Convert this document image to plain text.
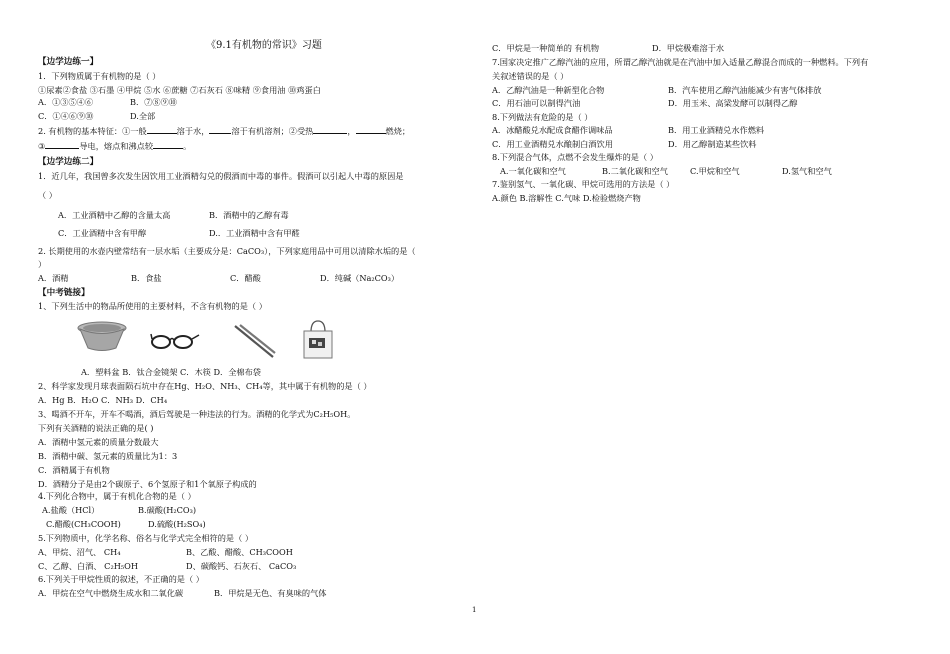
《9.1有机物的常识》习题
【边学边练一】
1．下列物质属于有机物的是（ ）
①尿素②食盐 ③石墨 ④甲烷 ⑤水 ⑥蔗糖 ⑦石灰石 ⑧味精 ⑨食用油 ⑩鸡蛋白
A．①③⑤④⑥	B．⑦⑧⑨⑩
C．①④⑥⑨⑩	D.全部
2. 有机物的基本特征：①一般	溶于水，	溶于有机溶剂；②受热	，	燃烧；
③	导电，熔点和沸点较	。
【边学边练二】
1．近几年，我国曾多次发生因饮用工业酒精勾兑的假酒而中毒的事件。假酒可以引起人中毒的原因是
（ ）
A．工业酒精中乙醇的含量太高	B．酒精中的乙醇有毒
C．工业酒精中含有甲醇	D.．工业酒精中含有甲醛
2. 长期使用的水壶内壁常结有一层水垢（主要成分是：CaCO₃），下列家庭用品中可用以清除水垢的是（
）
A．酒精	B．食盐	C．醋酸	D．纯碱（Na₂CO₃）
【中考链接】
1、下列生活中的物品所使用的主要材料，不含有机物的是（ ）
A．塑料盆 B．钛合金镜架 C．木筷 D．全棉布袋
2、科学家发现月球表面陨石坑中存在Hg、H₂O、NH₃、CH₄等，其中属于有机物的是（ ）
A．Hg B．H₂O C．NH₃ D．CH₄
3、喝酒不开车，开车不喝酒，酒后驾驶是一种违法的行为。酒精的化学式为C₂H₅OH。
下列有关酒精的说法正确的是( )
A．酒精中氢元素的质量分数最大
B．酒精中碳、氢元素的质量比为1：3
C．酒精属于有机物
D．酒精分子是由2个碳原子、6个氢原子和1个氧原子构成的
4.下列化合物中，属于有机化合物的是（ ）
A.盐酸（HCl）	B.碳酸(H₂CO₃)
C.醋酸(CH₃COOH)	D.硫酸(H₂SO₄)
5.下列物质中，化学名称、俗名与化学式完全相符的是（ ）
A、甲烷、沼气、 CH₄	B、乙酸、醋酸、CH₃COOH
C、乙醇、白酒、 C₂H₅OH	D、碳酸钙、石灰石、 CaCO₃
6.下列关于甲烷性质的叙述，不正确的是（ ）
A．甲烷在空气中燃烧生成水和二氧化碳	B．甲烷是无色、有臭味的气体
C．甲烷是一种简单的 有机物	D．甲烷极难溶于水
7.国家决定推广乙醇汽油的应用，所谓乙醇汽油就是在汽油中加入适量乙醇混合而成的一种燃料。下列有
关叙述错误的是（ ）
A．乙醇汽油是一种新型化合物	B．汽车使用乙醇汽油能减少有害气体排放
C．用石油可以制得汽油	D．用玉米、高梁发酵可以制得乙醇
8.下列做法有危险的是（ ）
A．冰醋酸兑水配成食醋作调味品	B．用工业酒精兑水作燃料
C．用工业酒精兑水酿制白酒饮用	D．用乙醇制造某些饮料
8.下列混合气体，点燃不会发生爆炸的是（ ）
A.一氧化碳和空气	B.二氧化碳和空气	C.甲烷和空气	D.氢气和空气
7.鉴别氢气、一氧化碳、甲烷可选用的方法是（ ）
A.颜色 B.溶解性 C.气味 D.检验燃烧产物
1
